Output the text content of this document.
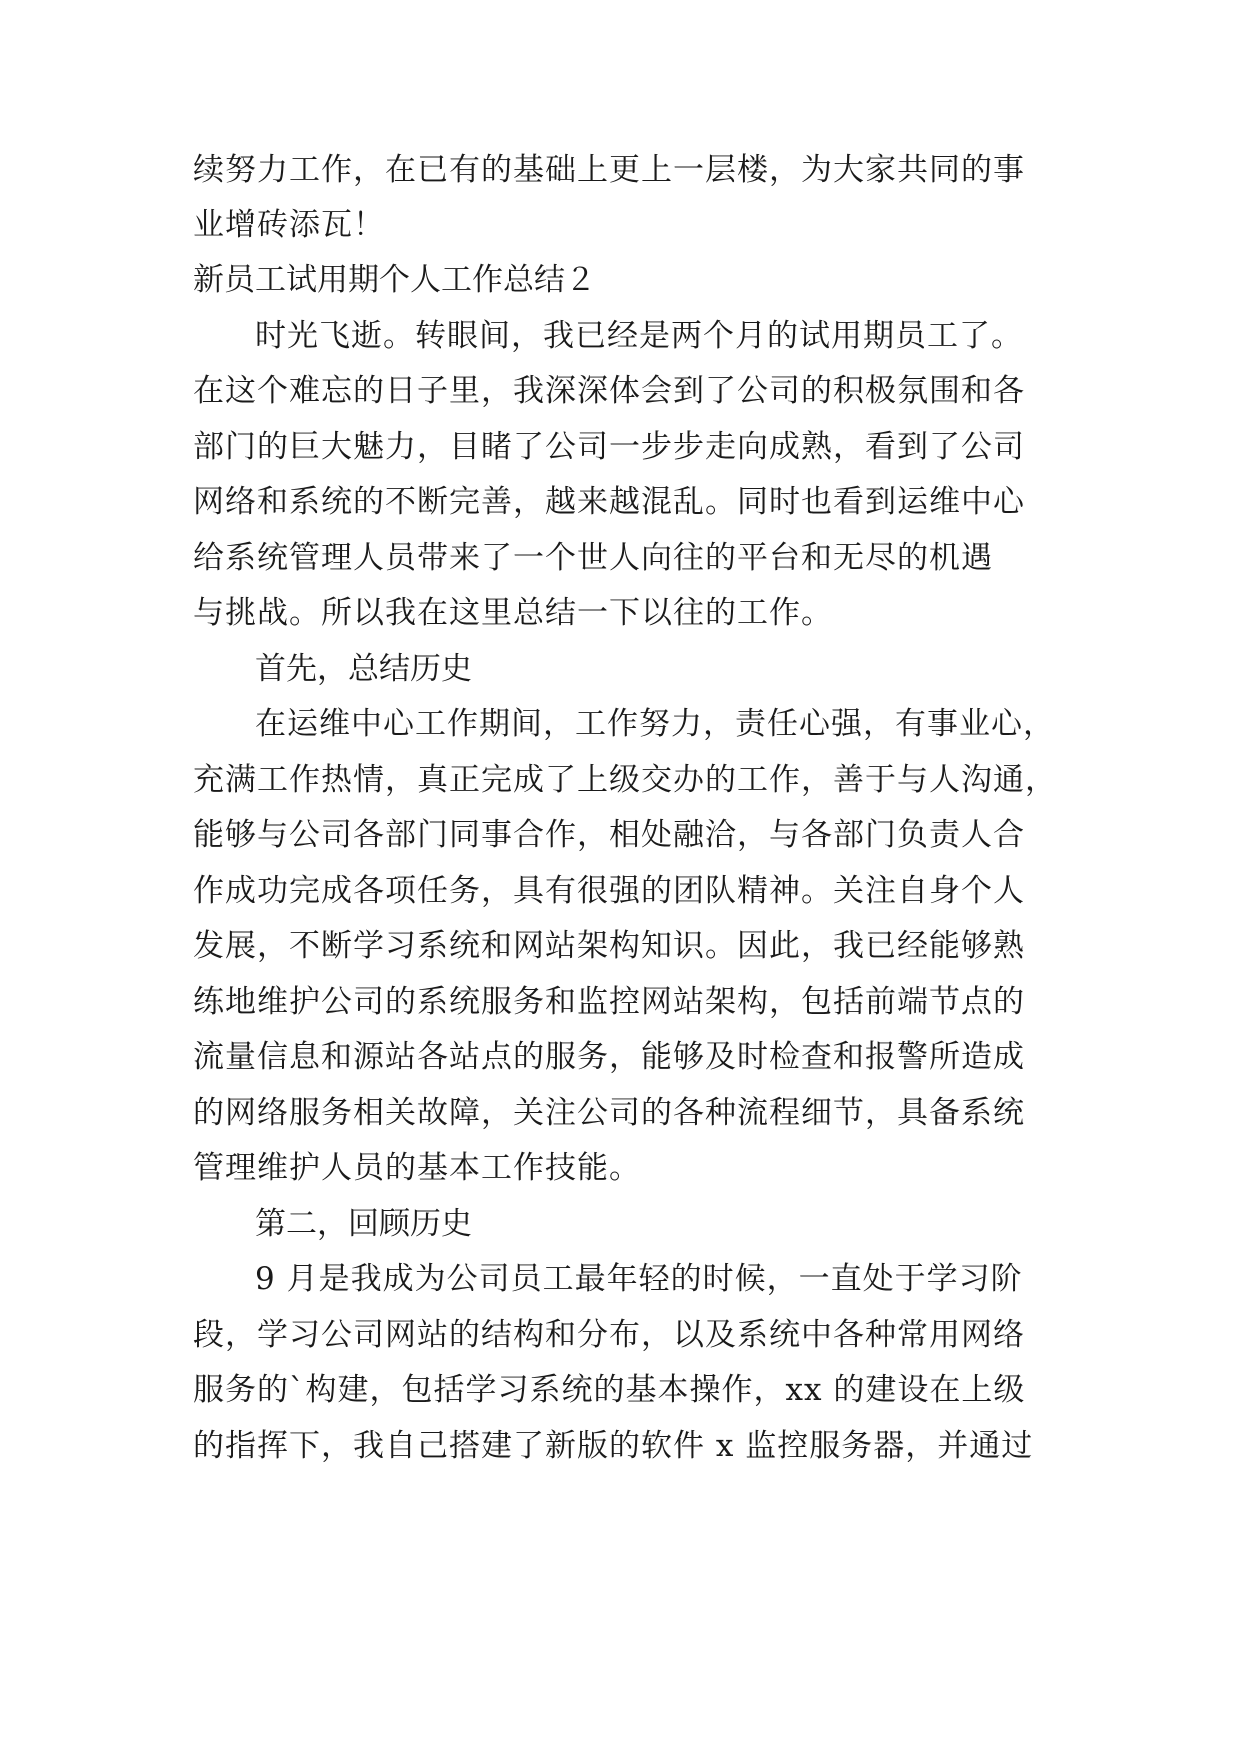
续努力工作，在已有的基础上更上一层楼，为大家共同的事
业增砖添瓦！
新员工试用期个人工作总结２
时光飞逝。转眼间，我已经是两个月的试用期员工了。
在这个难忘的日子里，我深深体会到了公司的积极氛围和各
部门的巨大魅力，目睹了公司一步步走向成熟，看到了公司
网络和系统的不断完善，越来越混乱。同时也看到运维中心
给系统管理人员带来了一个世人向往的平台和无尽的机遇
与挑战。所以我在这里总结一下以往的工作。
首先，总结历史
在运维中心工作期间，工作努力，责任心强，有事业心，
充满工作热情，真正完成了上级交办的工作，善于与人沟通，
能够与公司各部门同事合作，相处融洽，与各部门负责人合
作成功完成各项任务，具有很强的团队精神。关注自身个人
发展，不断学习系统和网站架构知识。因此，我已经能够熟
练地维护公司的系统服务和监控网站架构，包括前端节点的
流量信息和源站各站点的服务，能够及时检查和报警所造成
的网络服务相关故障，关注公司的各种流程细节，具备系统
管理维护人员的基本工作技能。
第二，回顾历史
9 月是我成为公司员工最年轻的时候，一直处于学习阶
段，学习公司网站的结构和分布，以及系统中各种常用网络
服务的`构建，包括学习系统的基本操作，xx 的建设在上级
的指挥下，我自己搭建了新版的软件 x 监控服务器，并通过
